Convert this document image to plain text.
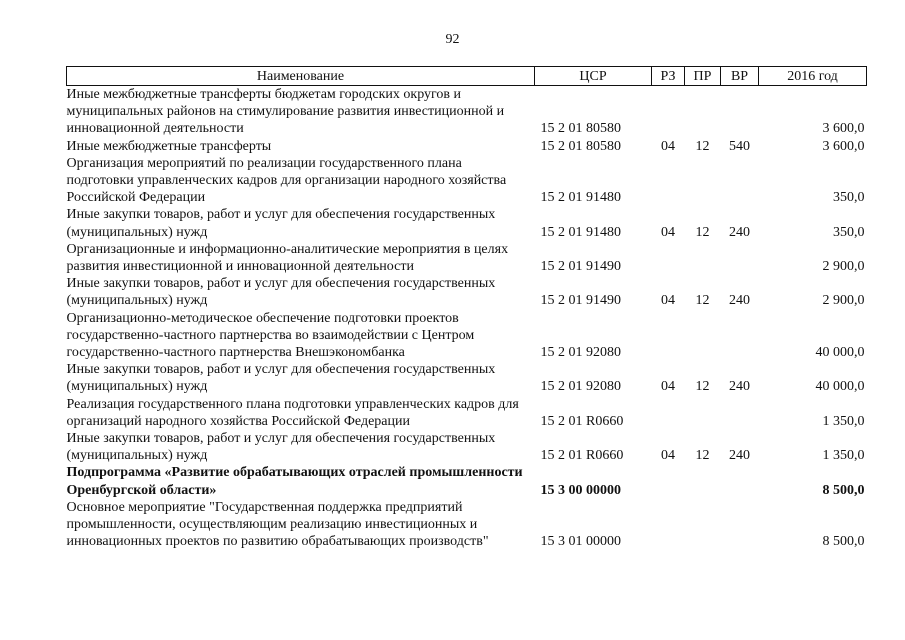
92
Наименование	ЦСР	РЗ	ПР	ВР	2016 год
Иные межбюджетные трансферты бюджетам городских округов и муниципальных районов на стимулирование развития инвестиционной и инновационной деятельности	15 2 01 80580				3 600,0
Иные межбюджетные трансферты	15 2 01 80580	04	12	540	3 600,0
Организация мероприятий по реализации государственного плана подготовки управленческих кадров для организации народного хозяйства Российской Федерации	15 2 01 91480				350,0
Иные закупки товаров, работ и услуг для обеспечения государственных (муниципальных) нужд	15 2 01 91480	04	12	240	350,0
Организационные и информационно-аналитические мероприятия в целях развития инвестиционной и инновационной деятельности	15 2 01 91490				2 900,0
Иные закупки товаров, работ и услуг для обеспечения государственных (муниципальных) нужд	15 2 01 91490	04	12	240	2 900,0
Организационно-методическое обеспечение подготовки проектов государственно-частного партнерства во взаимодействии с Центром государственно-частного партнерства Внешэкономбанка	15 2 01 92080				40 000,0
Иные закупки товаров, работ и услуг для обеспечения государственных (муниципальных) нужд	15 2 01 92080	04	12	240	40 000,0
Реализация государственного плана подготовки управленческих кадров для организаций народного хозяйства Российской Федерации	15 2 01 R0660				1 350,0
Иные закупки товаров, работ и услуг для обеспечения государственных (муниципальных) нужд	15 2 01 R0660	04	12	240	1 350,0
Подпрограмма «Развитие обрабатывающих отраслей промышленности Оренбургской области»	15 3 00 00000				8 500,0
Основное мероприятие "Государственная поддержка предприятий промышленности, осуществляющим реализацию инвестиционных и инновационных проектов по развитию обрабатывающих производств"	15 3 01 00000				8 500,0
